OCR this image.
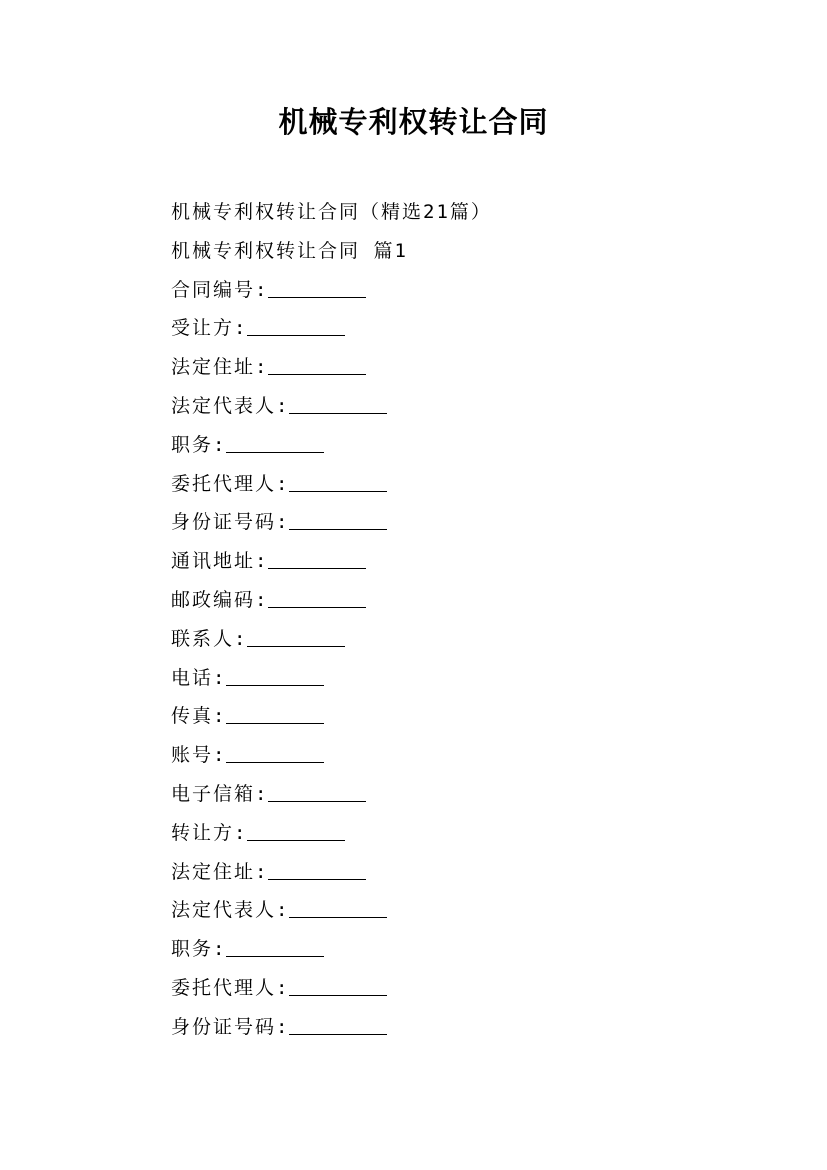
机械专利权转让合同
机械专利权转让合同（精选21篇）
机械专利权转让合同 篇1
合同编号:
受让方:
法定住址:
法定代表人:
职务:
委托代理人:
身份证号码:
通讯地址:
邮政编码:
联系人:
电话:
传真:
账号:
电子信箱:
转让方:
法定住址:
法定代表人:
职务:
委托代理人:
身份证号码:
